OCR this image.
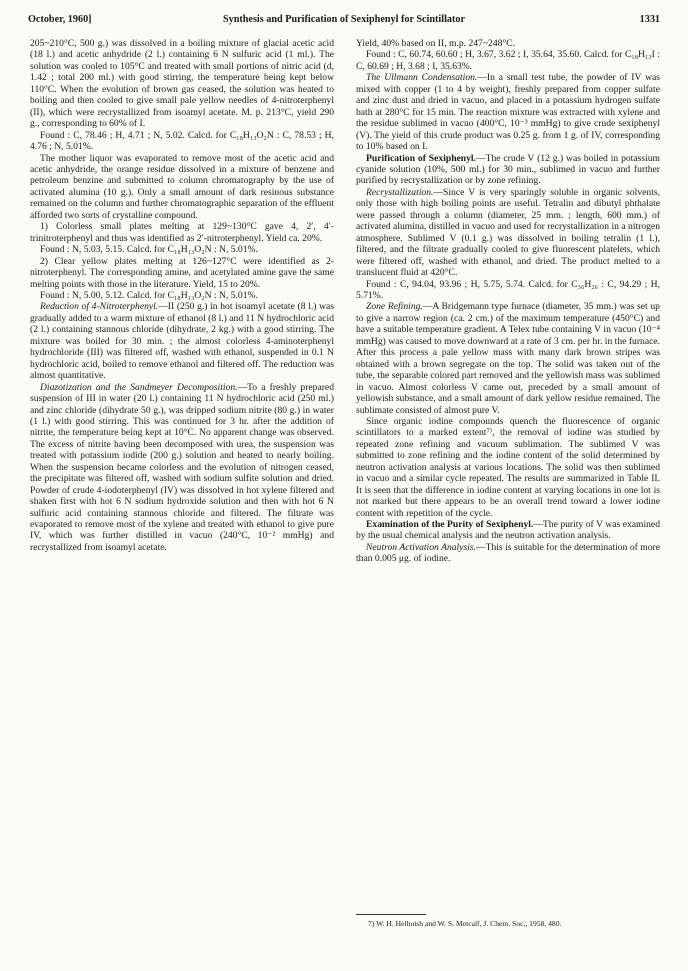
October, 1960]	Synthesis and Purification of Sexiphenyl for Scintillator	1331

205~210°C, 500 g.) was dissolved in a boiling mixture of glacial acetic acid (18 l.) and acetic anhydride (2 l.) containing 6 N sulfuric acid (1 ml.). The solution was cooled to 105°C and treated with small portions of nitric acid (d, 1.42 ; total 200 ml.) with good stirring, the temperature being kept below 110°C. When the evolution of brown gas ceased, the solution was heated to boiling and then cooled to give small pale yellow needles of 4-nitroterphenyl (II), which were recrystallized from isoamyl acetate. M. p. 213°C, yield 290 g., corresponding to 60% of I.

Found : C, 78.46 ; H, 4.71 ; N, 5.02. Calcd. for C₁₈H₁₃O₂N : C, 78.53 ; H, 4.76 ; N, 5.01%.

The mother liquor was evaporated to remove most of the acetic acid and acetic anhydride, the orange residue dissolved in a mixture of benzene and petroleum benzine and submitted to column chromatography by the use of activated alumina (10 g.). Only a small amount of dark resinous substance remained on the column and further chromatographic separation of the effluent afforded two sorts of crystalline compound.

1) Colorless small plates melting at 129~130°C gave 4, 2′, 4′-trinitroterphenyl and thus was identified as 2′-nitroterphenyl. Yield ca. 20%.

Found : N, 5.03, 5.15. Calcd. for C₁₈H₁₃O₂N : N, 5.01%.

2) Clear yellow plates melting at 126~127°C were identified as 2-nitroterphenyl. The corresponding amine, and acetylated amine gave the same melting points with those in the literature. Yield, 15 to 20%.

Found : N, 5.00, 5.12. Calcd. for C₁₈H₁₃O₂N : N, 5.01%.

Reduction of 4-Nitroterphenyl.—II (250 g.) in hot isoamyl acetate (8 l.) was gradually added to a warm mixture of ethanol (8 l.) and 11 N hydrochloric acid (2 l.) containing stannous chloride (dihydrate, 2 kg.) with a good stirring. The mixture was boiled for 30 min. ; the almost colorless 4-aminoterphenyl hydrochloride (III) was filtered off, washed with ethanol, suspended in 0.1 N hydrochloric acid, boiled to remove ethanol and filtered off. The reduction was almost quantitative.

Diazotization and the Sandmeyer Decomposition.—To a freshly prepared suspension of III in water (20 l.) containing 11 N hydrochloric acid (250 ml.) and zinc chloride (dihydrate 50 g.), was dripped sodium nitrite (80 g.) in water (1 l.) with good stirring. This was continued for 3 hr. after the addition of nitrite, the temperature being kept at 10°C. No apparent change was observed. The excess of nitrite having been decomposed with urea, the suspension was treated with potassium iodide (200 g.) solution and heated to nearly boiling. When the suspension became colorless and the evolution of nitrogen ceased, the precipitate was filtered off, washed with sodium sulfite solution and dried. Powder of crude 4-iodoterphenyl (IV) was dissolved in hot xylene filtered and shaken first with hot 6 N sodium hydroxide solution and then with hot 6 N sulfuric acid containing stannous chloride and filtered. The filtrate was evaporated to remove most of the xylene and treated with ethanol to give pure IV, which was further distilled in vacuo (240°C, 10⁻² mmHg) and recrystallized from isoamyl acetate.

Yield, 40% based on II, m.p. 247~248°C.

Found : C, 60.74, 60.60 ; H, 3.67, 3.62 ; I, 35.64, 35.60. Calcd. for C₁₈H₁₃I : C, 60.69 ; H, 3.68 ; I, 35.63%.

The Ullmann Condensation.—In a small test tube, the powder of IV was mixed with copper (1 to 4 by weight), freshly prepared from copper sulfate and zinc dust and dried in vacuo, and placed in a potassium hydrogen sulfate bath at 280°C for 15 min. The reaction mixture was extracted with xylene and the residue sublimed in vacuo (400°C, 10⁻³ mmHg) to give crude sexiphenyl (V). The yield of this crude product was 0.25 g. from 1 g. of IV, corresponding to 10% based on I.

Purification of Sexiphenyl.—The crude V (12 g.) was boiled in potassium cyanide solution (10%, 500 ml.) for 30 min., sublimed in vacuo and further purified by recrystallization or by zone refining.

Recrystallization.—Since V is very sparingly soluble in organic solvents, only those with high boiling points are useful. Tetralin and dibutyl phthalate were passed through a column (diameter, 25 mm. ; length, 600 mm.) of activated alumina, distilled in vacuo and used for recrystallization in a nitrogen atmosphere. Sublimed V (0.1 g.) was dissolved in boiling tetralin (1 l.), filtered, and the filtrate gradually cooled to give fluorescent platelets, which were filtered off, washed with ethanol, and dried. The product melted to a translucent fluid at 420°C.

Found : C, 94.04, 93.96 ; H, 5.75, 5.74. Calcd. for C₃₆H₂₆ : C, 94.29 ; H, 5.71%.

Zone Refining.—A Bridgemann type furnace (diameter, 35 mm.) was set up to give a narrow region (ca. 2 cm.) of the maximum temperature (450°C) and have a suitable temperature gradient. A Telex tube containing V in vacuo (10⁻⁴ mmHg) was caused to move downward at a rate of 3 cm. per hr. in the furnace. After this process a pale yellow mass with many dark brown stripes was obtained with a brown segregate on the top. The solid was taken out of the tube, the separable colored part removed and the yellowish mass was sublimed in vacuo. Almost colorless V came out, preceded by a small amount of yellowish substance, and a small amount of dark yellow residue remained. The sublimate consisted of almost pure V.

Since organic iodine compounds quench the fluorescence of organic scintillators to a marked extent⁷⁾, the removal of iodine was studied by repeated zone refining and vacuum sublimation. The sublimed V was submitted to zone refining and the iodine content of the solid determined by neutron activation analysis at various locations. The solid was then sublimed in vacuo and a similar cycle repeated. The results are summarized in Table II. It is seen that the difference in iodine content at varying locations in one lot is not marked but there appears to be an overall trend toward a lower iodine content with repetition of the cycle.

Examination of the Purity of Sexiphenyl.—The purity of V was examined by the usual chemical analysis and the neutron activation analysis.

Neutron Activation Analysis.—This is suitable for the determination of more than 0.005 μg. of iodine.

7) W. H. Helhuish and W. S. Metcalf, J. Chem. Soc., 1958, 480.
